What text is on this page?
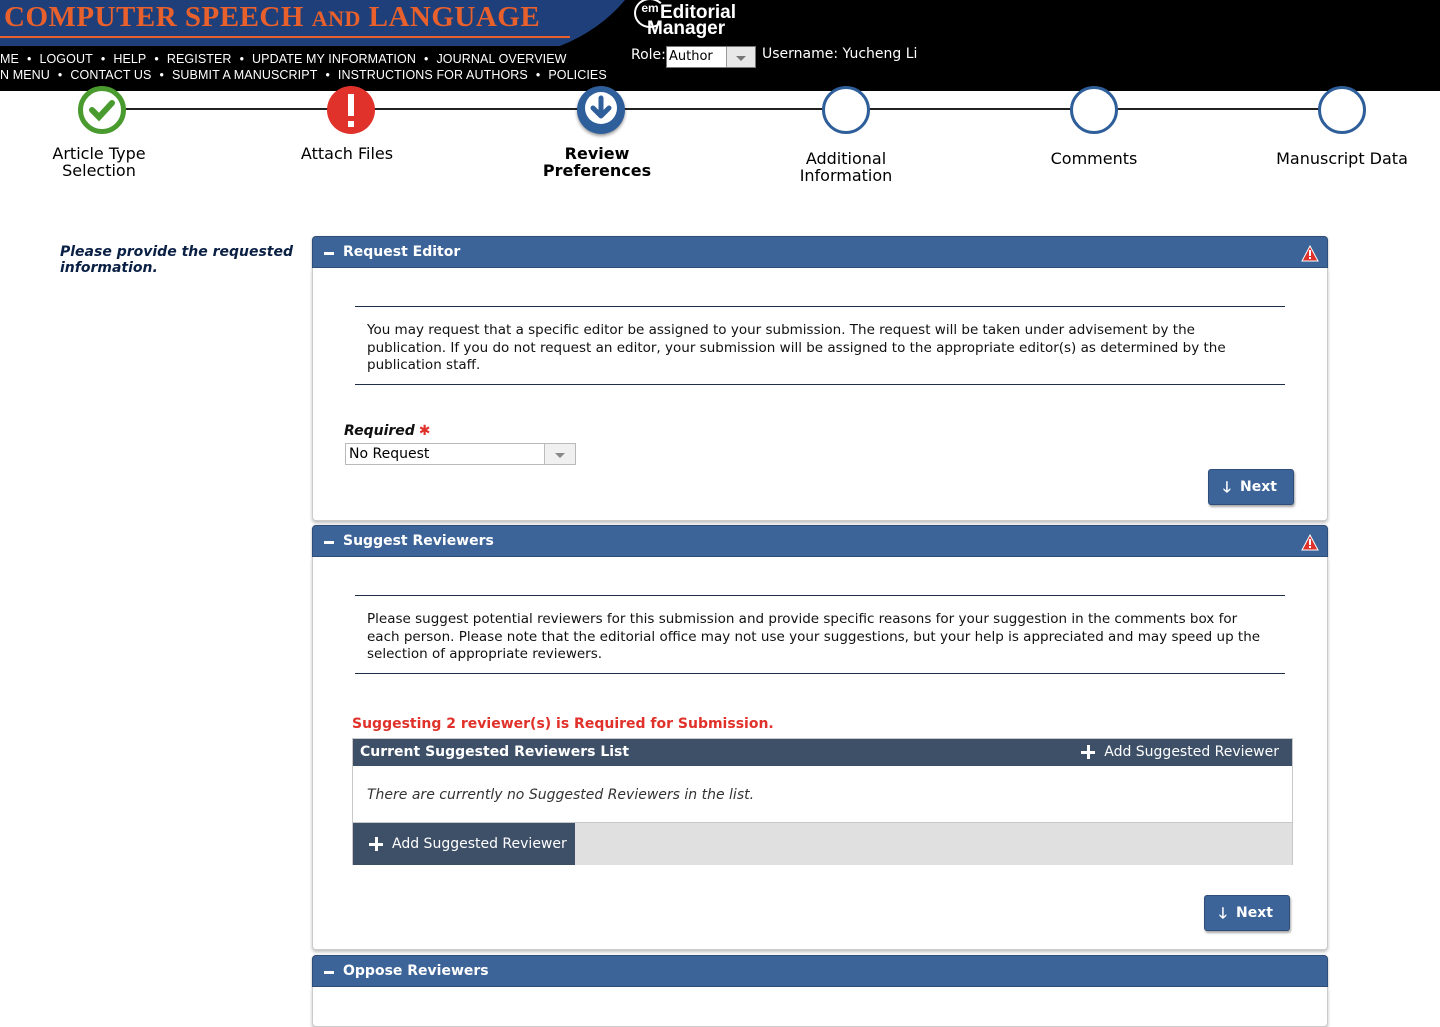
COMPUTER SPEECH AND LANGUAGE
ME • LOGOUT • HELP • REGISTER • UPDATE MY INFORMATION • JOURNAL OVERVIEW
N MENU • CONTACT US • SUBMIT A MANUSCRIPT • INSTRUCTIONS FOR AUTHORS • POLICIES
em Editorial
Manager
Role: Author	Username: Yucheng Li
Article Type Selection
Attach Files	Review Preferences
Additional Information
Comments	Manuscript Data
Please provide the requested information.
Request Editor
You may request that a specific editor be assigned to your submission. The request will be taken under advisement by the publication. If you do not request an editor, your submission will be assigned to the appropriate editor(s) as determined by the publication staff.
Required ✱
No Request
🡓 Next
Suggest Reviewers
Please suggest potential reviewers for this submission and provide specific reasons for your suggestion in the comments box for each person. Please note that the editorial office may not use your suggestions, but your help is appreciated and may speed up the selection of appropriate reviewers.
Suggesting 2 reviewer(s) is Required for Submission.
Current Suggested Reviewers List	Add Suggested Reviewer
There are currently no Suggested Reviewers in the list.
Add Suggested Reviewer
🡓 Next
Oppose Reviewers
